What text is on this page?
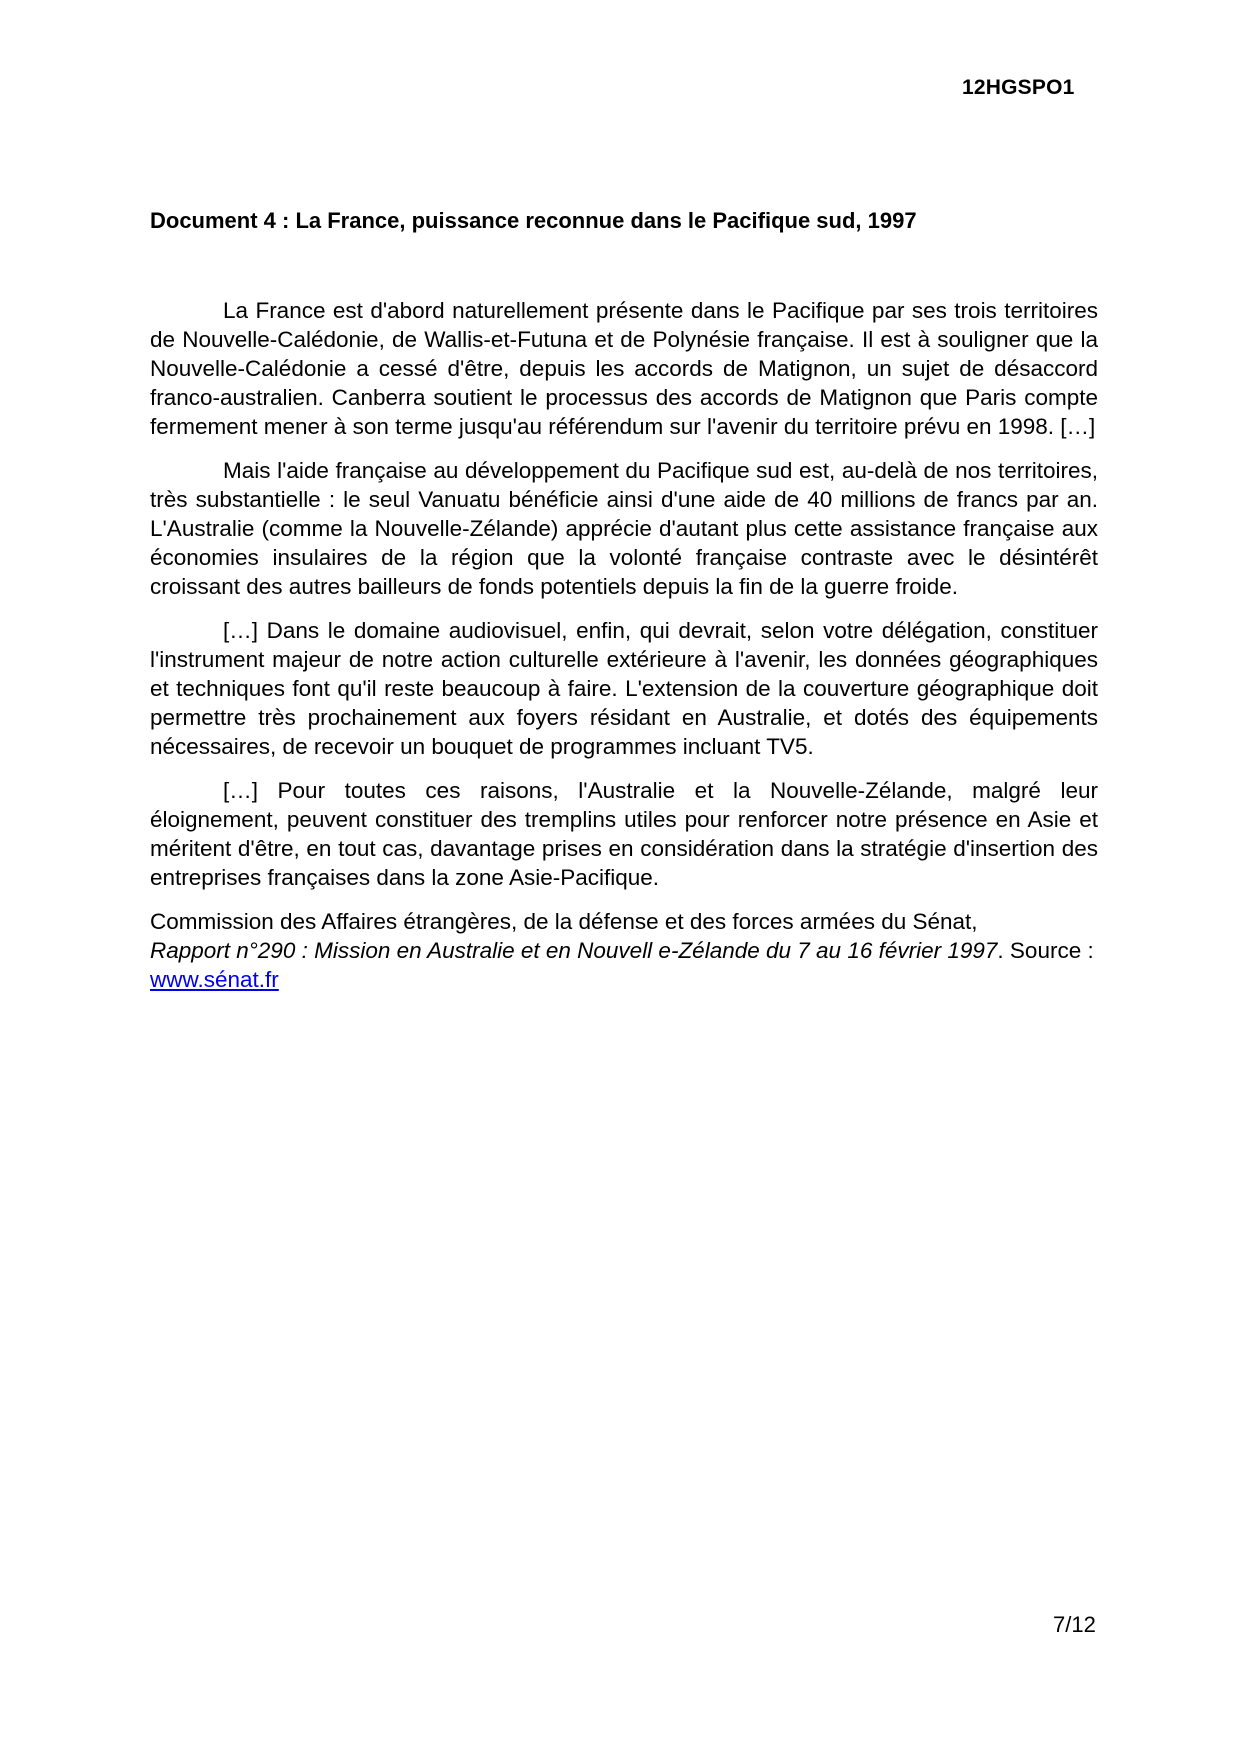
12HGSPO1
Document 4 : La France, puissance reconnue dans le Pacifique sud, 1997

La France est d'abord naturellement présente dans le Pacifique par ses trois territoires de Nouvelle-Calédonie, de Wallis-et-Futuna et de Polynésie française. Il est à souligner que la Nouvelle-Calédonie a cessé d'être, depuis les accords de Matignon, un sujet de désaccord franco-australien. Canberra soutient le processus des accords de Matignon que Paris compte fermement mener à son terme jusqu'au référendum sur l'avenir du territoire prévu en 1998. […]

Mais l'aide française au développement du Pacifique sud est, au-delà de nos territoires, très substantielle : le seul Vanuatu bénéficie ainsi d'une aide de 40 millions de francs par an. L'Australie (comme la Nouvelle-Zélande) apprécie d'autant plus cette assistance française aux économies insulaires de la région que la volonté française contraste avec le désintérêt croissant des autres bailleurs de fonds potentiels depuis la fin de la guerre froide.

[…] Dans le domaine audiovisuel, enfin, qui devrait, selon votre délégation, constituer l'instrument majeur de notre action culturelle extérieure à l'avenir, les données géographiques et techniques font qu'il reste beaucoup à faire. L'extension de la couverture géographique doit permettre très prochainement aux foyers résidant en Australie, et dotés des équipements nécessaires, de recevoir un bouquet de programmes incluant TV5.

[…] Pour toutes ces raisons, l'Australie et la Nouvelle-Zélande, malgré leur éloignement, peuvent constituer des tremplins utiles pour renforcer notre présence en Asie et méritent d'être, en tout cas, davantage prises en considération dans la stratégie d'insertion des entreprises françaises dans la zone Asie-Pacifique.

Commission des Affaires étrangères, de la défense et des forces armées du Sénat,
Rapport n°290 : Mission en Australie et en Nouvell e-Zélande du 7 au 16 février 1997. Source : www.sénat.fr

7/12
